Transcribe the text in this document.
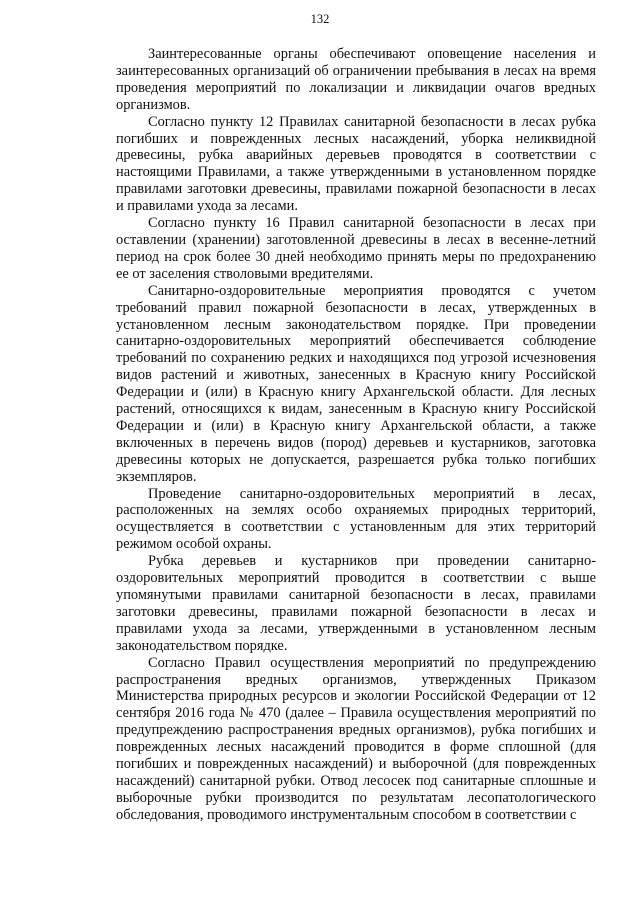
132

Заинтересованные органы обеспечивают оповещение населения и заинтересованных организаций об ограничении пребывания в лесах на время проведения мероприятий по локализации и ликвидации очагов вредных организмов.

Согласно пункту 12 Правилах санитарной безопасности в лесах рубка погибших и поврежденных лесных насаждений, уборка неликвидной древесины, рубка аварийных деревьев проводятся в соответствии с настоящими Правилами, а также утвержденными в установленном порядке правилами заготовки древесины, правилами пожарной безопасности в лесах и правилами ухода за лесами.

Согласно пункту 16 Правил санитарной безопасности в лесах при оставлении (хранении) заготовленной древесины в лесах в весенне-летний период на срок более 30 дней необходимо принять меры по предохранению ее от заселения стволовыми вредителями.

Санитарно-оздоровительные мероприятия проводятся с учетом требований правил пожарной безопасности в лесах, утвержденных в установленном лесным законодательством порядке. При проведении санитарно-оздоровительных мероприятий обеспечивается соблюдение требований по сохранению редких и находящихся под угрозой исчезновения видов растений и животных, занесенных в Красную книгу Российской Федерации и (или) в Красную книгу Архангельской области. Для лесных растений, относящихся к видам, занесенным в Красную книгу Российской Федерации и (или) в Красную книгу Архангельской области, а также включенных в перечень видов (пород) деревьев и кустарников, заготовка древесины которых не допускается, разрешается рубка только погибших экземпляров.

Проведение санитарно-оздоровительных мероприятий в лесах, расположенных на землях особо охраняемых природных территорий, осуществляется в соответствии с установленным для этих территорий режимом особой охраны.

Рубка деревьев и кустарников при проведении санитарно-оздоровительных мероприятий проводится в соответствии с выше упомянутыми правилами санитарной безопасности в лесах, правилами заготовки древесины, правилами пожарной безопасности в лесах и правилами ухода за лесами, утвержденными в установленном лесным законодательством порядке.

Согласно Правил осуществления мероприятий по предупреждению распространения вредных организмов, утвержденных Приказом Министерства природных ресурсов и экологии Российской Федерации от 12 сентября 2016 года № 470 (далее – Правила осуществления мероприятий по предупреждению распространения вредных организмов), рубка погибших и поврежденных лесных насаждений проводится в форме сплошной (для погибших и поврежденных насаждений) и выборочной (для поврежденных насаждений) санитарной рубки. Отвод лесосек под санитарные сплошные и выборочные рубки производится по результатам лесопатологического обследования, проводимого инструментальным способом в соответствии с
